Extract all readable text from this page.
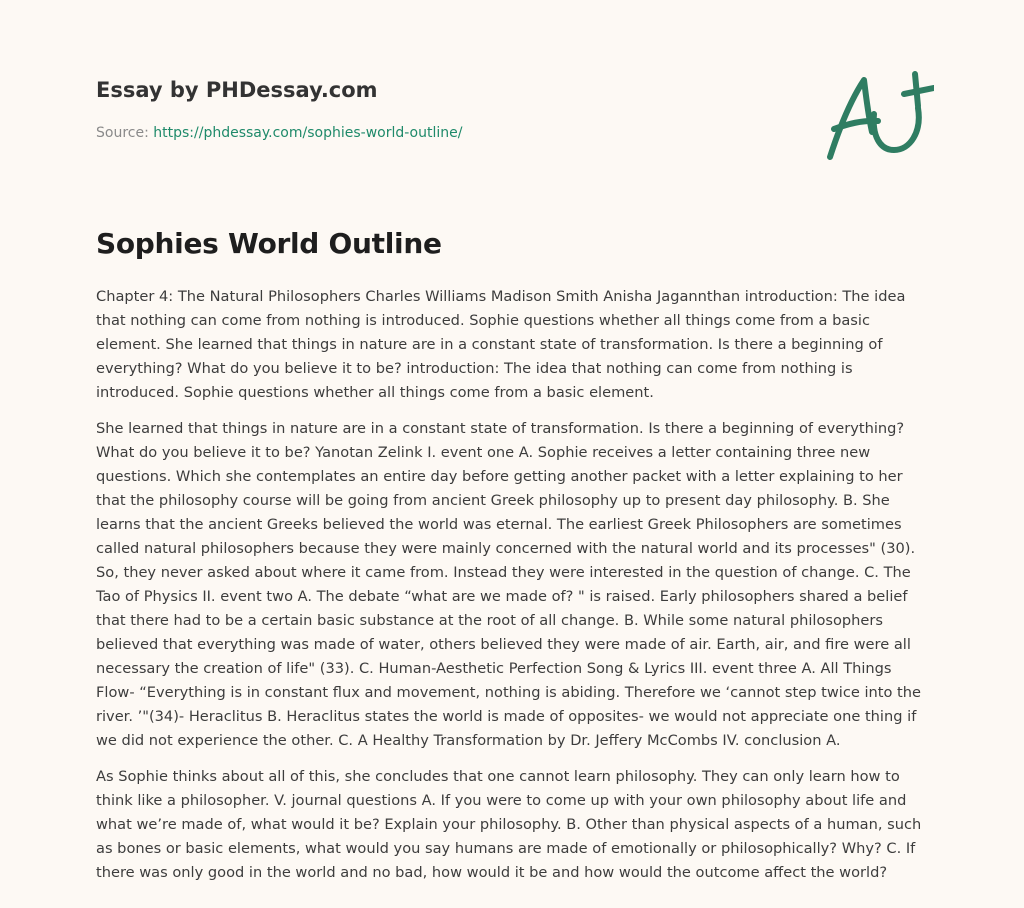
Essay by PHDessay.com
Source: https://phdessay.com/sophies-world-outline/
Sophies World Outline

Chapter 4: The Natural Philosophers Charles Williams Madison Smith Anisha Jagannthan introduction: The idea that nothing can come from nothing is introduced. Sophie questions whether all things come from a basic element. She learned that things in nature are in a constant state of transformation. Is there a beginning of everything? What do you believe it to be? introduction: The idea that nothing can come from nothing is introduced. Sophie questions whether all things come from a basic element.

She learned that things in nature are in a constant state of transformation. Is there a beginning of everything? What do you believe it to be? Yanotan Zelink I. event one A. Sophie receives a letter containing three new questions. Which she contemplates an entire day before getting another packet with a letter explaining to her that the philosophy course will be going from ancient Greek philosophy up to present day philosophy. B. She learns that the ancient Greeks believed the world was eternal. The earliest Greek Philosophers are sometimes called natural philosophers because they were mainly concerned with the natural world and its processes" (30). So, they never asked about where it came from. Instead they were interested in the question of change. C. The Tao of Physics II. event two A. The debate “what are we made of? " is raised. Early philosophers shared a belief that there had to be a certain basic substance at the root of all change. B. While some natural philosophers believed that everything was made of water, others believed they were made of air. Earth, air, and fire were all necessary the creation of life" (33). C. Human-Aesthetic Perfection Song & Lyrics III. event three A. All Things Flow- “Everything is in constant flux and movement, nothing is abiding. Therefore we ‘cannot step twice into the river. ’"(34)- Heraclitus B. Heraclitus states the world is made of opposites- we would not appreciate one thing if we did not experience the other. C. A Healthy Transformation by Dr. Jeffery McCombs IV. conclusion A.

As Sophie thinks about all of this, she concludes that one cannot learn philosophy. They can only learn how to think like a philosopher. V. journal questions A. If you were to come up with your own philosophy about life and what we’re made of, what would it be? Explain your philosophy. B. Other than physical aspects of a human, such as bones or basic elements, what would you say humans are made of emotionally or philosophically? Why? C. If there was only good in the world and no bad, how would it be and how would the outcome affect the world?
